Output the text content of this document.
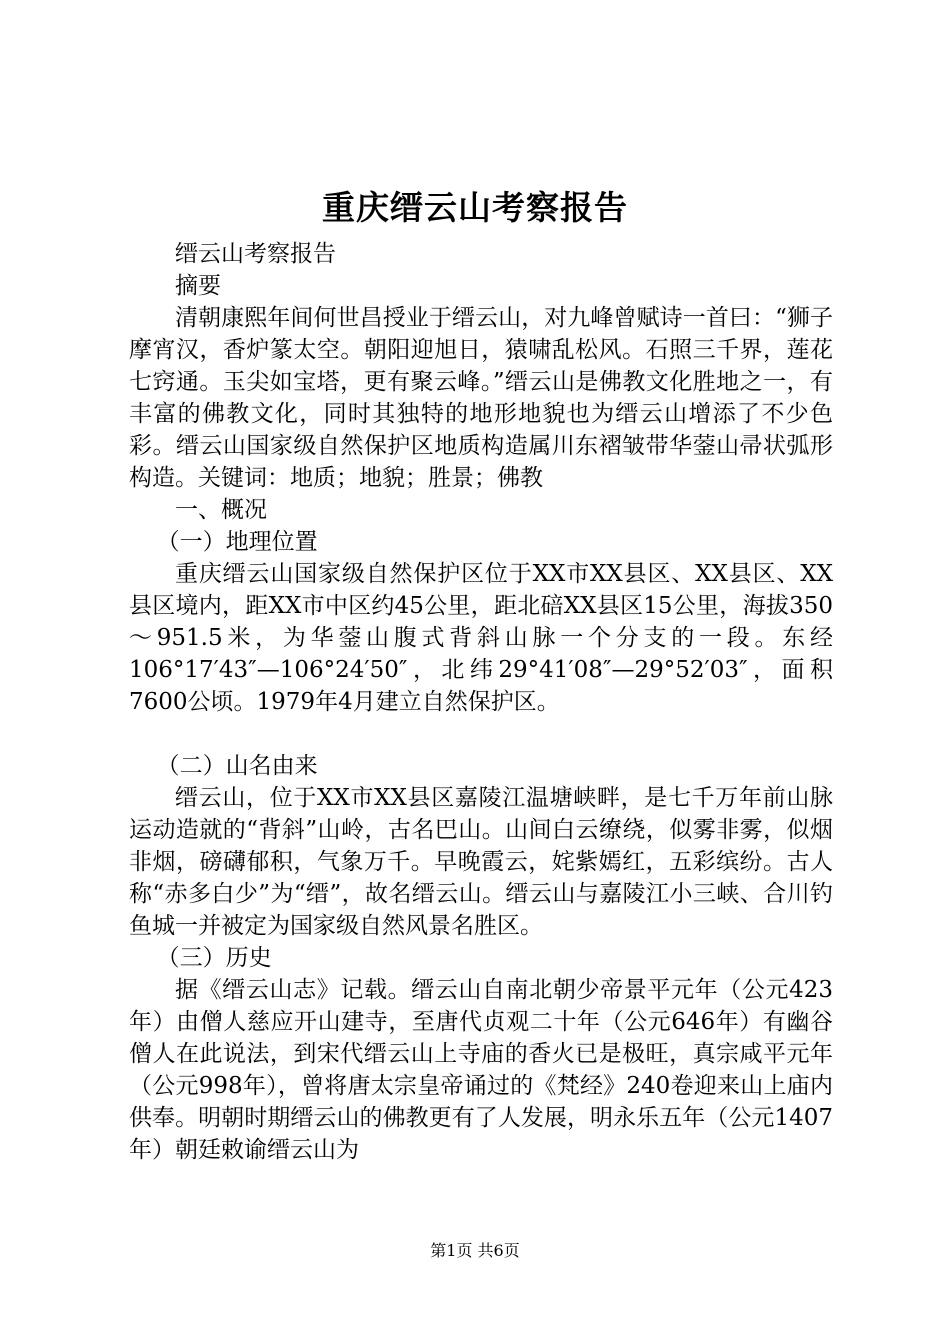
重庆缙云山考察报告

缙云山考察报告

摘要

清朝康熙年间何世昌授业于缙云山，对九峰曾赋诗一首曰：“狮子摩宵汉，香炉篆太空。朝阳迎旭日，猿啸乱松风。石照三千界，莲花七窍通。玉尖如宝塔，更有聚云峰。”缙云山是佛教文化胜地之一，有丰富的佛教文化，同时其独特的地形地貌也为缙云山增添了不少色彩。缙云山国家级自然保护区地质构造属川东褶皱带华蓥山帚状弧形构造。关键词：地质；地貌；胜景；佛教

一、概况

（一）地理位置

重庆缙云山国家级自然保护区位于XX市XX县区、XX县区、XX县区境内，距XX市中区约45公里，距北碚XX县区15公里，海拔350～951.5米，为华蓥山腹式背斜山脉一个分支的一段。东经106°17′43″—106°24′50″，北纬29°41′08″—29°52′03″，面积7600公顷。1979年4月建立自然保护区。

（二）山名由来

缙云山，位于XX市XX县区嘉陵江温塘峡畔，是七千万年前山脉运动造就的“背斜”山岭，古名巴山。山间白云缭绕，似雾非雾，似烟非烟，磅礴郁积，气象万千。早晚霞云，姹紫嫣红，五彩缤纷。古人称“赤多白少”为“缙”，故名缙云山。缙云山与嘉陵江小三峡、合川钓鱼城一并被定为国家级自然风景名胜区。

（三）历史

据《缙云山志》记载。缙云山自南北朝少帝景平元年（公元423年）由僧人慈应开山建寺，至唐代贞观二十年（公元646年）有幽谷僧人在此说法，到宋代缙云山上寺庙的香火已是极旺，真宗咸平元年（公元998年），曾将唐太宗皇帝诵过的《梵经》240卷迎来山上庙内供奉。明朝时期缙云山的佛教更有了人发展，明永乐五年（公元1407年）朝廷敕谕缙云山为

第1页 共6页
